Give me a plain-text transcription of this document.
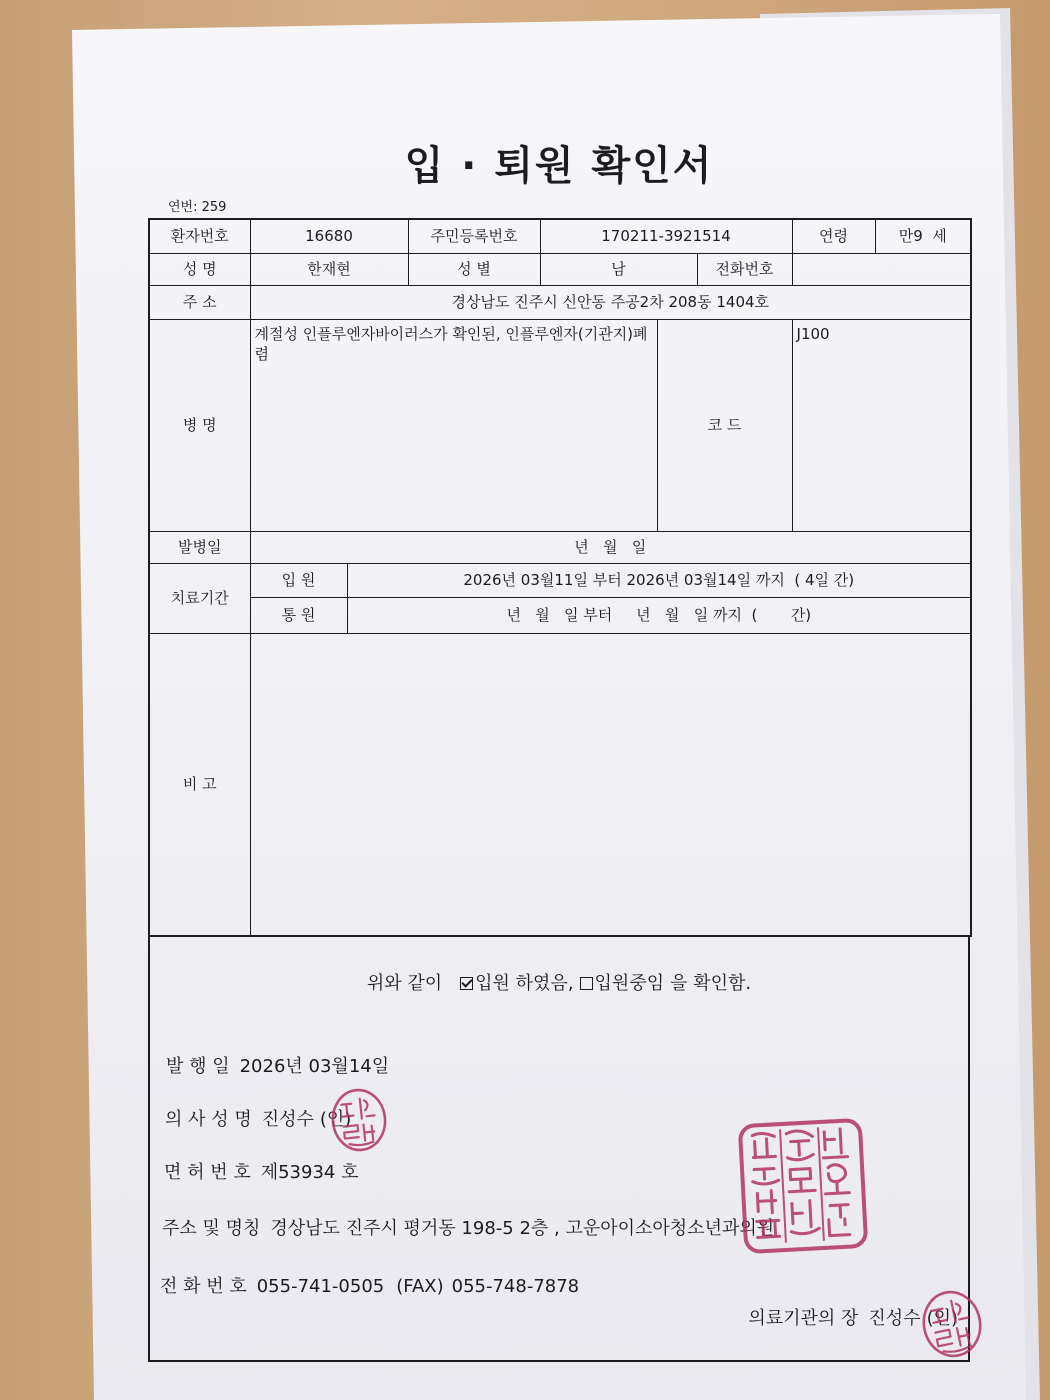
입 · 퇴원 확인서
연번: 259
환자번호	16680		주민등록번호	170211-3921514			연령	만9  세
성 명	한재현		성 별	남		전화번호		
주 소	경상남도 진주시 신안동 주공2차 208동 1404호							
병 명	계절성 인플루엔자바이러스가 확인된, 인플루엔자(기관지)폐렴				코 드		J100	
발병일	년   월   일							
치료기간	입 원	2026년 03월11일 부터 2026년 03월14일 까지  ( 4일 간)						
	통 원	년   월   일 부터     년   월   일 까지  (       간)						
비 고								
위와 같이 입원 하였음, 입원중임 을 확인함.
발 행 일 2026년 03월14일
의 사 성 명 진성수 (인)
면 허 번 호 제53934 호
주소 및 명칭 경상남도 진주시 평거동 198-5 2층 , 고운아이소아청소년과의원
전 화 번 호 055-741-0505 (FAX) 055-748-7878
의료기관의 장 진성수 (인)
